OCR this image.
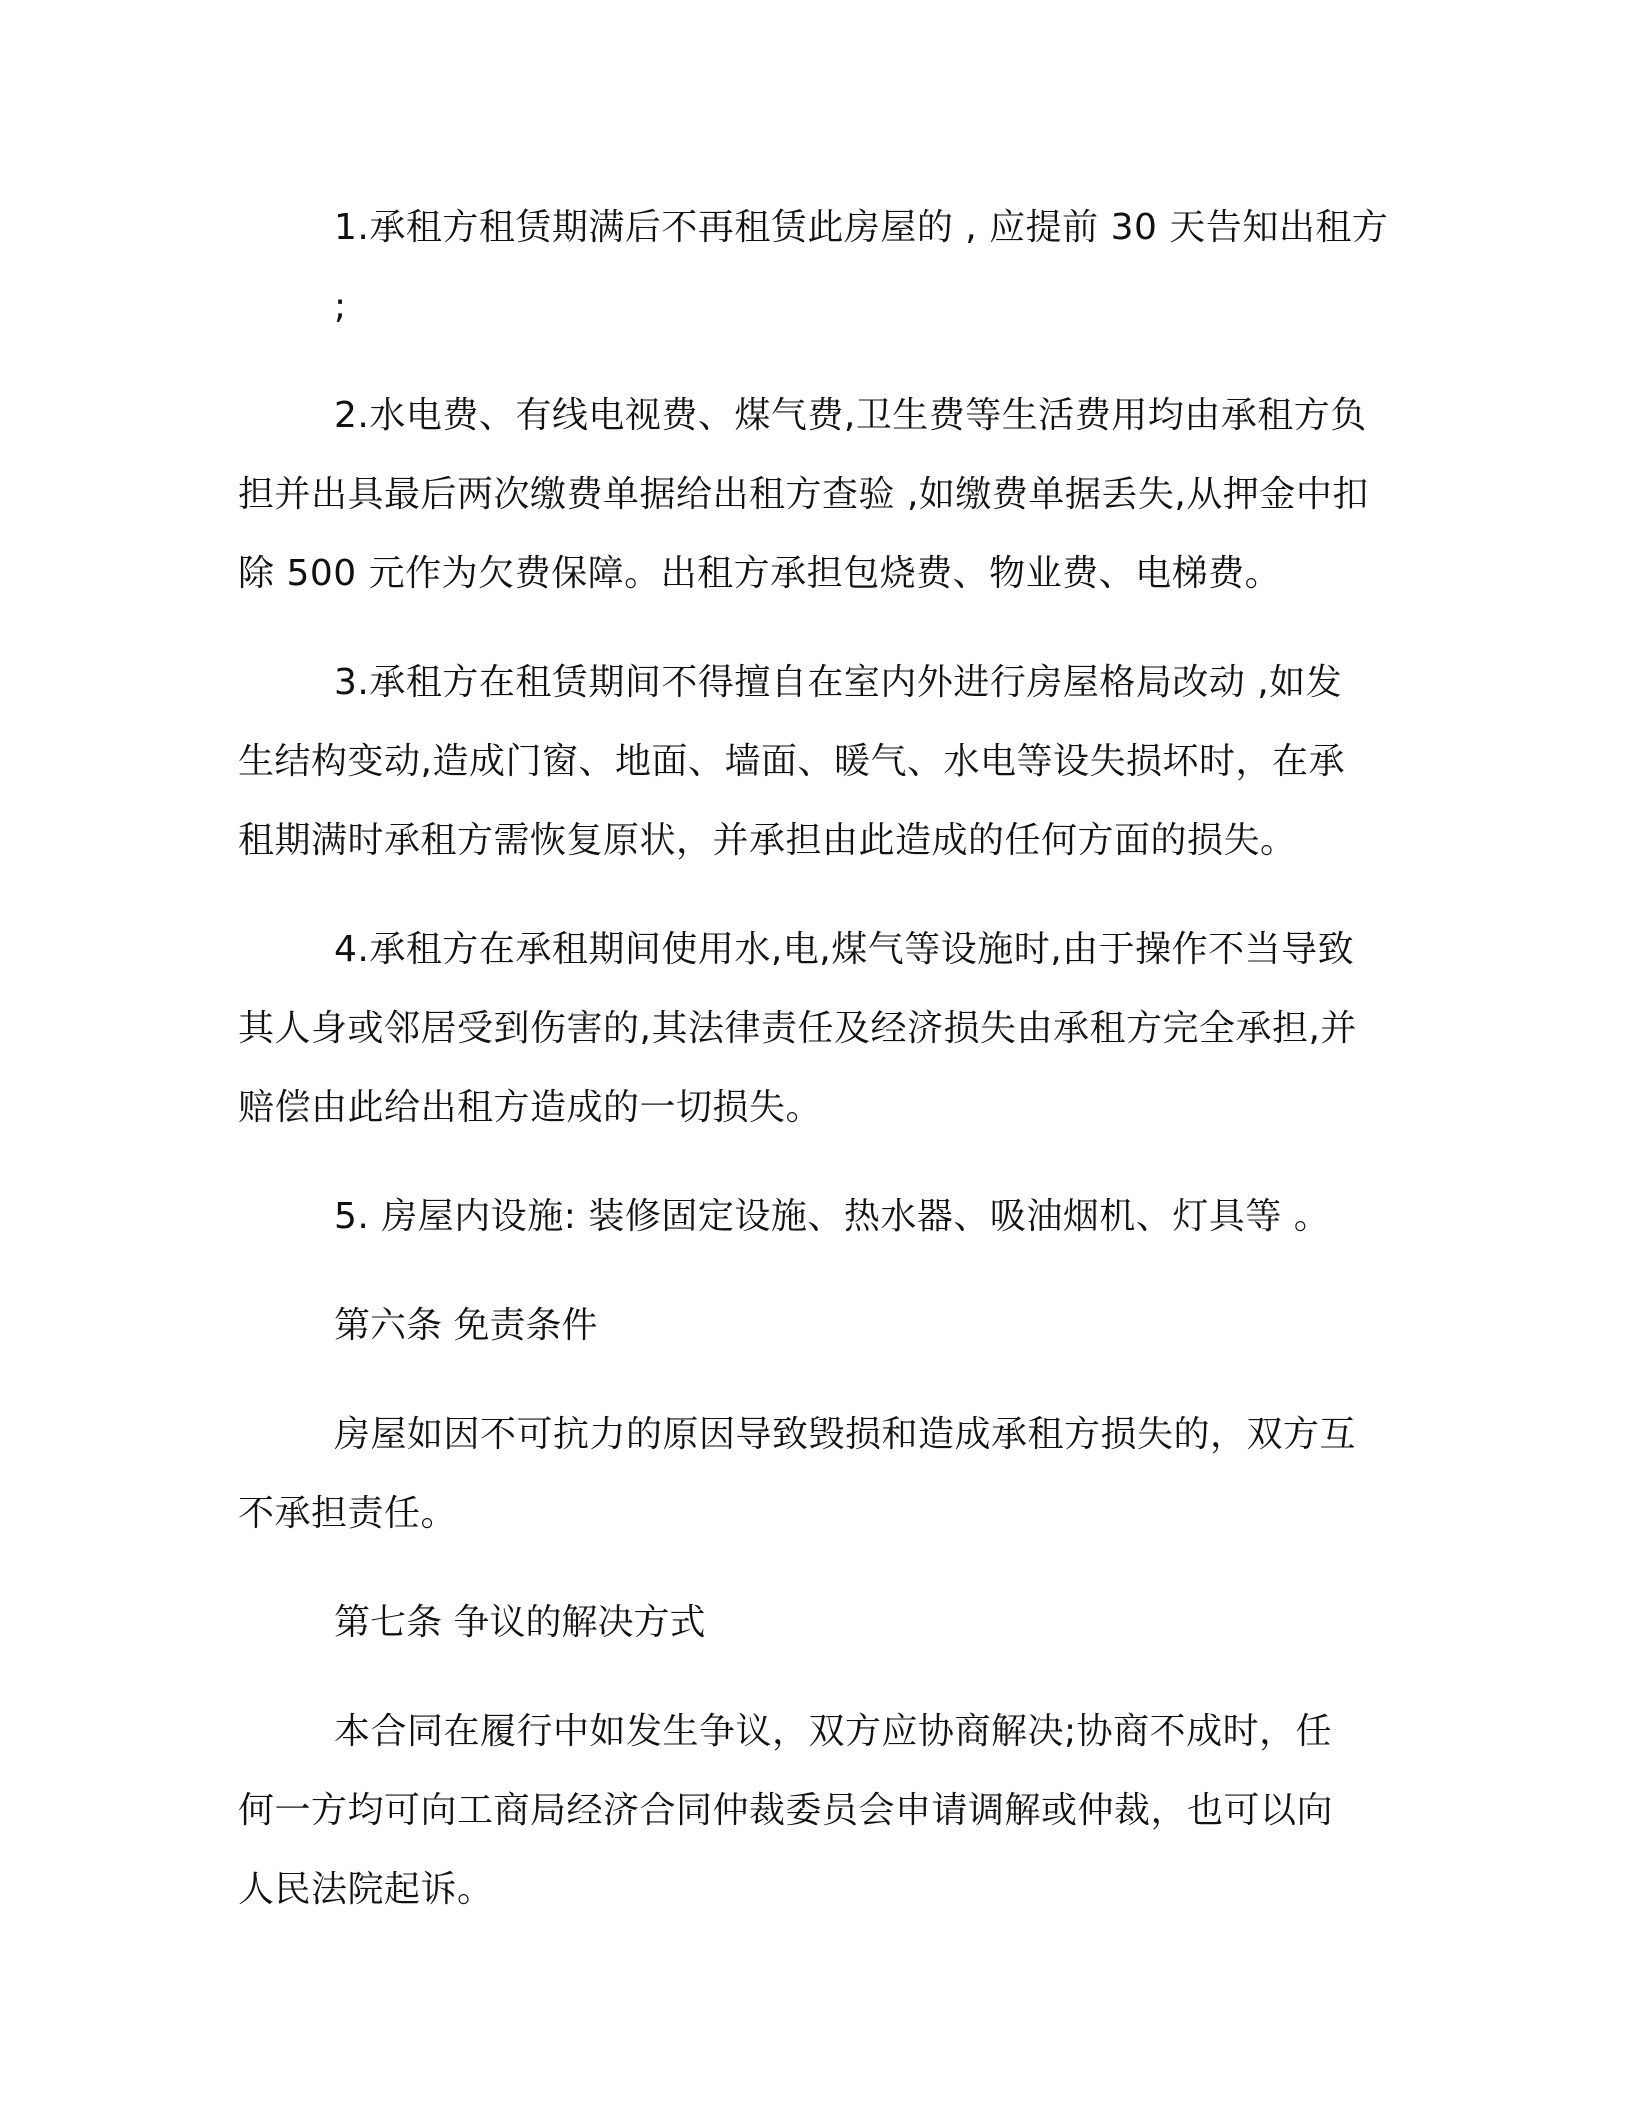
1.承租方租赁期满后不再租赁此房屋的 , 应提前 30 天告知出租方 ;
2.水电费、有线电视费、煤气费,卫生费等生活费用均由承租方负
担并出具最后两次缴费单据给出租方查验 ,如缴费单据丢失,从押金中扣
除 500 元作为欠费保障。出租方承担包烧费、物业费、电梯费。
3.承租方在租赁期间不得擅自在室内外进行房屋格局改动 ,如发
生结构变动,造成门窗、地面、墙面、暖气、水电等设失损坏时，在承
租期满时承租方需恢复原状，并承担由此造成的任何方面的损失。
4.承租方在承租期间使用水,电,煤气等设施时,由于操作不当导致
其人身或邻居受到伤害的,其法律责任及经济损失由承租方完全承担,并
赔偿由此给出租方造成的一切损失。
5. 房屋内设施: 装修固定设施、热水器、吸油烟机、灯具等 。
第六条 免责条件
房屋如因不可抗力的原因导致毁损和造成承租方损失的，双方互
不承担责任。
第七条 争议的解决方式
本合同在履行中如发生争议，双方应协商解决;协商不成时，任
何一方均可向工商局经济合同仲裁委员会申请调解或仲裁，也可以向
人民法院起诉。
